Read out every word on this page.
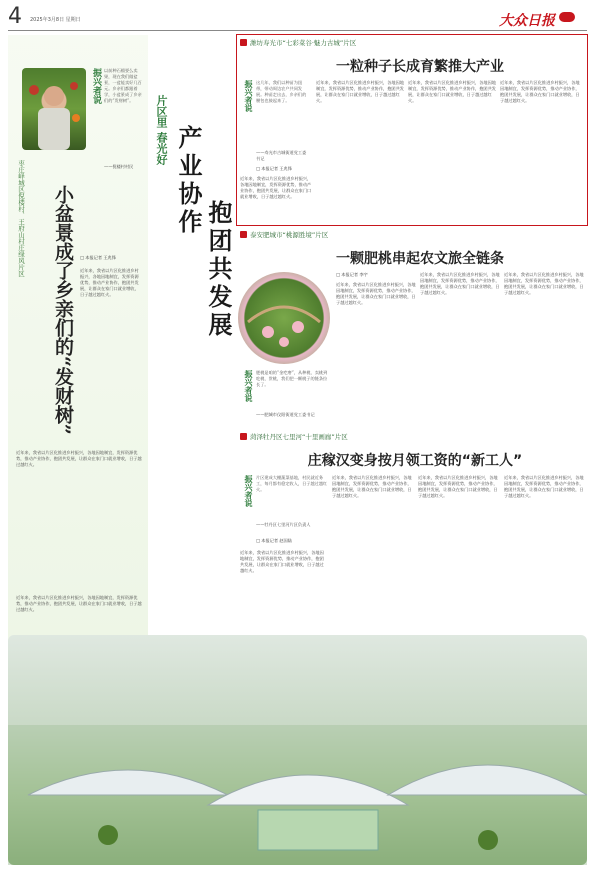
4 2025年3月8日 星期日	大众日报
振兴者说 以前种石榴要么卖果，现在我们做盆景，一盆能卖好几百元。乡亲们都跟着学，小盆景成了乡亲们的“发财树”。
——倪楼村村民
枣庄峄城区倪楼村、王府山村庄绿风片区	小盆景成了乡亲们的“发财树” □ 本报记者 王兆锋
近年来，我省以片区化推进乡村振兴，各地因地制宜，发挥资源优势，推动产业协作，抱团共发展，让群众在家门口就业增收，日子越过越红火。
近年来，我省以片区化推进乡村振兴，各地因地制宜，发挥资源优势，推动产业协作，抱团共发展，让群众在家门口就业增收，日子越过越红火。
近年来，我省以片区化推进乡村振兴，各地因地制宜，发挥资源优势，推动产业协作，抱团共发展，让群众在家门口就业增收，日子越过越红火。
片区里 春光好 产业协作
抱团共发展
潍坊寿光市“七彩菜谷·魅力古城”片区
一粒种子长成育繁推大产业
振兴者说 这几年，我们以种苗为纽带，带动周边农户共同发展。种苗走出去，乡亲们的腰包也鼓起来了。
——寿光市古城街道党工委书记
□ 本报记者 王兆锋
近年来，我省以片区化推进乡村振兴，各地因地制宜，发挥资源优势，推动产业协作，抱团共发展，让群众在家门口就业增收，日子越过越红火。
近年来，我省以片区化推进乡村振兴，各地因地制宜，发挥资源优势，推动产业协作，抱团共发展，让群众在家门口就业增收，日子越过越红火。
近年来，我省以片区化推进乡村振兴，各地因地制宜，发挥资源优势，推动产业协作，抱团共发展，让群众在家门口就业增收，日子越过越红火。
近年来，我省以片区化推进乡村振兴，各地因地制宜，发挥资源优势，推动产业协作，抱团共发展，让群众在家门口就业增收，日子越过越红火。
泰安肥城市“桃源胜境”片区
一颗肥桃串起农文旅全链条
振兴者说 肥桃是咱的“金疙瘩”，从种桃、卖桃到吃桃、赏桃，我们把一颗桃子的链条拉长了。
——肥城市仪阳街道党工委书记
□ 本报记者 李宇
近年来，我省以片区化推进乡村振兴，各地因地制宜，发挥资源优势，推动产业协作，抱团共发展，让群众在家门口就业增收，日子越过越红火。
近年来，我省以片区化推进乡村振兴，各地因地制宜，发挥资源优势，推动产业协作，抱团共发展，让群众在家门口就业增收，日子越过越红火。
近年来，我省以片区化推进乡村振兴，各地因地制宜，发挥资源优势，推动产业协作，抱团共发展，让群众在家门口就业增收，日子越过越红火。
菏泽牡丹区七里河“十里画廊”片区
庄稼汉变身按月领工资的“新工人”
振兴者说 片区建成大棚蔬菜基地，村民就近务工，每月都有稳定收入，日子越过越红火。
——牡丹区七里河片区负责人
□ 本报记者 赵国陆
近年来，我省以片区化推进乡村振兴，各地因地制宜，发挥资源优势，推动产业协作，抱团共发展，让群众在家门口就业增收，日子越过越红火。
近年来，我省以片区化推进乡村振兴，各地因地制宜，发挥资源优势，推动产业协作，抱团共发展，让群众在家门口就业增收，日子越过越红火。
近年来，我省以片区化推进乡村振兴，各地因地制宜，发挥资源优势，推动产业协作，抱团共发展，让群众在家门口就业增收，日子越过越红火。
近年来，我省以片区化推进乡村振兴，各地因地制宜，发挥资源优势，推动产业协作，抱团共发展，让群众在家门口就业增收，日子越过越红火。
